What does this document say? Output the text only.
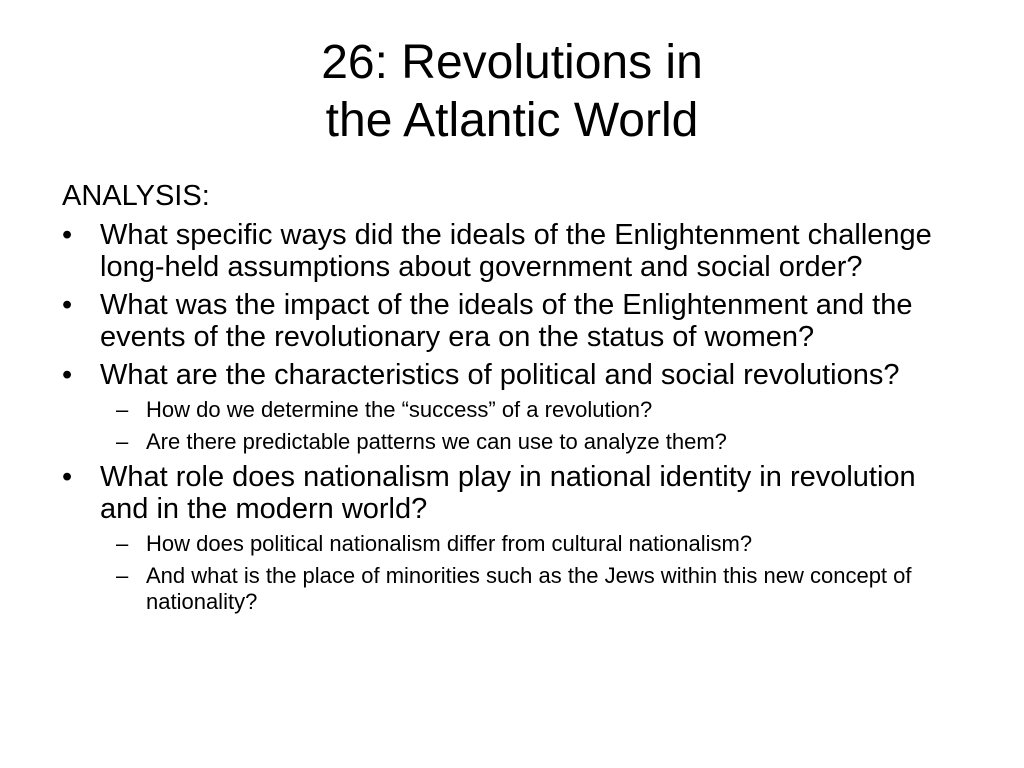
26: Revolutions in
the Atlantic World
ANALYSIS:
• What specific ways did the ideals of the Enlightenment challenge long-held assumptions about government and social order?
• What was the impact of the ideals of the Enlightenment and the events of the revolutionary era on the status of women?
• What are the characteristics of political and social revolutions?
– How do we determine the “success” of a revolution?
– Are there predictable patterns we can use to analyze them?
• What role does nationalism play in national identity in revolution and in the modern world?
– How does political nationalism differ from cultural nationalism?
– And what is the place of minorities such as the Jews within this new concept of nationality?
